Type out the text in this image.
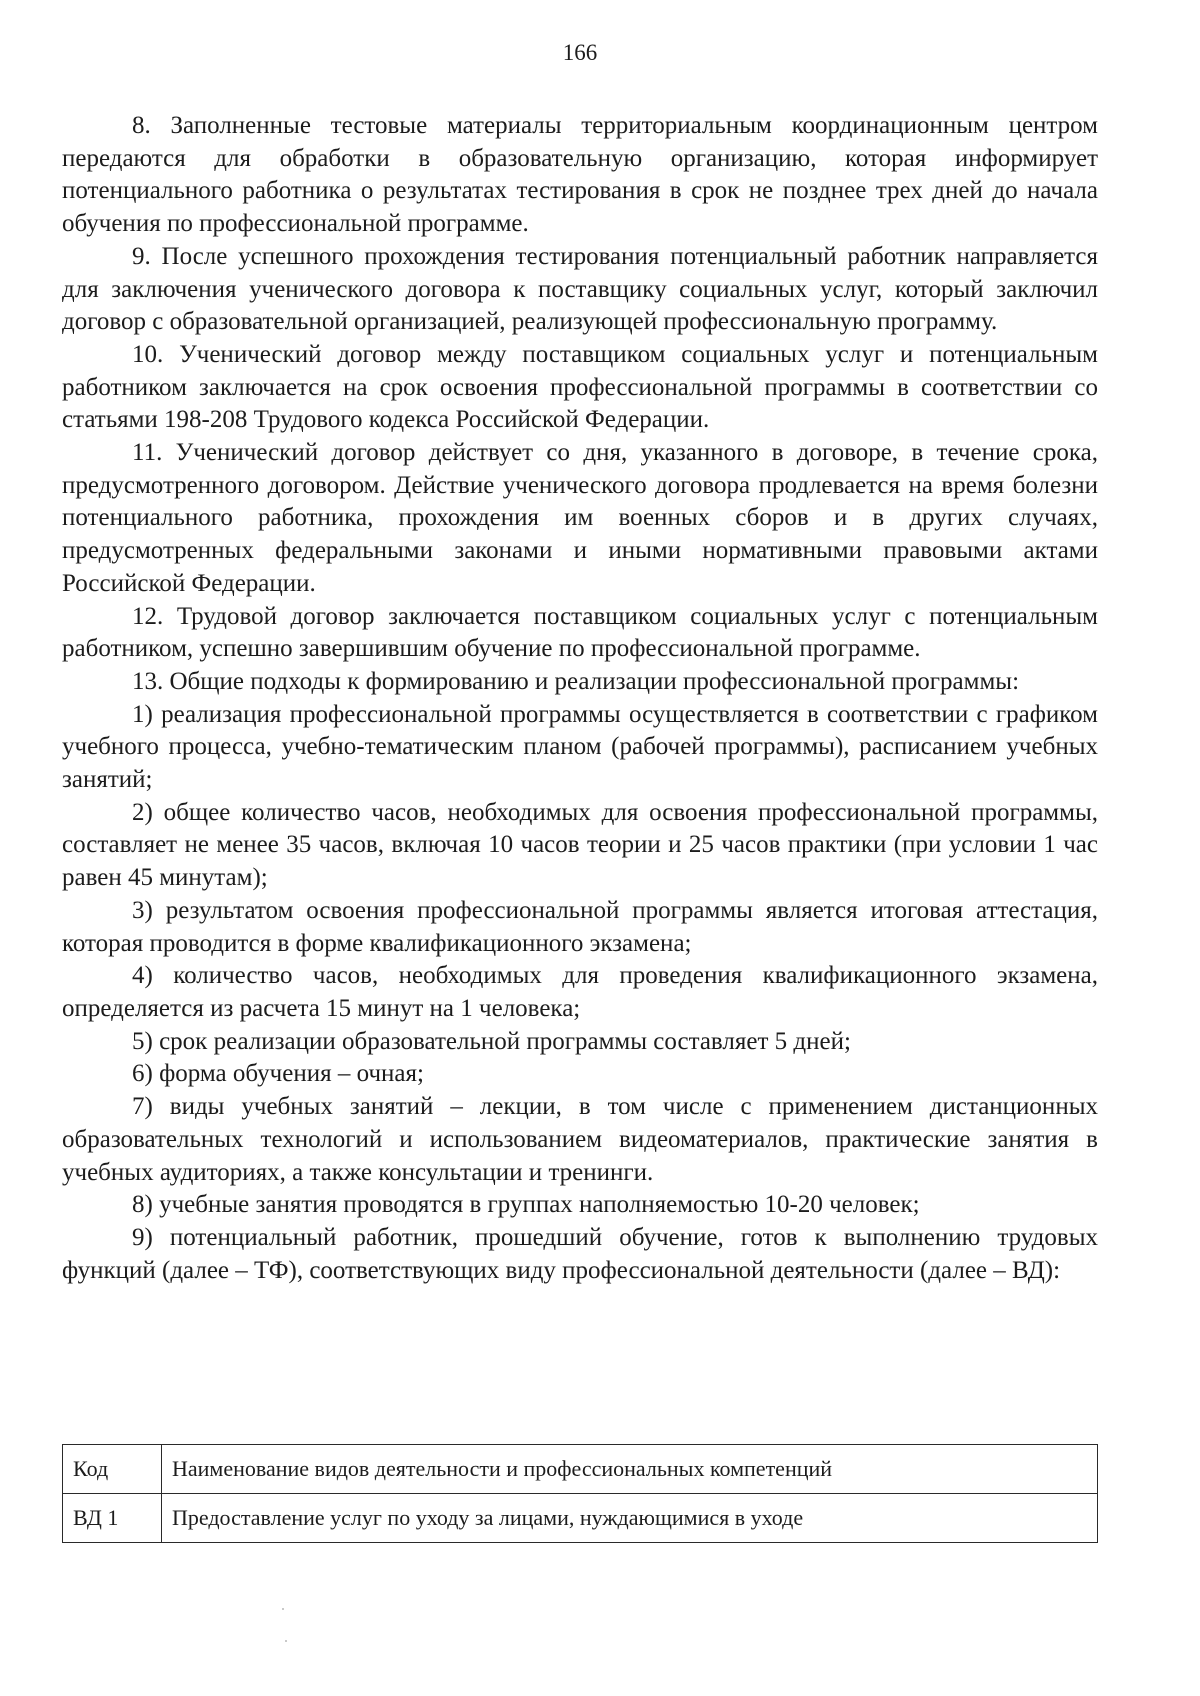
166

8. Заполненные тестовые материалы территориальным координационным центром передаются для обработки в образовательную организацию, которая информирует потенциального работника о результатах тестирования в срок не позднее трех дней до начала обучения по профессиональной программе.

9. После успешного прохождения тестирования потенциальный работник направляется для заключения ученического договора к поставщику социальных услуг, который заключил договор с образовательной организацией, реализующей профессиональную программу.

10. Ученический договор между поставщиком социальных услуг и потенциальным работником заключается на срок освоения профессиональной программы в соответствии со статьями 198-208 Трудового кодекса Российской Федерации.

11. Ученический договор действует со дня, указанного в договоре, в течение срока, предусмотренного договором. Действие ученического договора продлевается на время болезни потенциального работника, прохождения им военных сборов и в других случаях, предусмотренных федеральными законами и иными нормативными правовыми актами Российской Федерации.

12. Трудовой договор заключается поставщиком социальных услуг с потенциальным работником, успешно завершившим обучение по профессиональной программе.

13. Общие подходы к формированию и реализации профессиональной программы:

1) реализация профессиональной программы осуществляется в соответствии с графиком учебного процесса, учебно-тематическим планом (рабочей программы), расписанием учебных занятий;

2) общее количество часов, необходимых для освоения профессиональной программы, составляет не менее 35 часов, включая 10 часов теории и 25 часов практики (при условии 1 час равен 45 минутам);

3) результатом освоения профессиональной программы является итоговая аттестация, которая проводится в форме квалификационного экзамена;

4) количество часов, необходимых для проведения квалификационного экзамена, определяется из расчета 15 минут на 1 человека;

5) срок реализации образовательной программы составляет 5 дней;

6) форма обучения – очная;

7) виды учебных занятий – лекции, в том числе с применением дистанционных образовательных технологий и использованием видеоматериалов, практические занятия в учебных аудиториях, а также консультации и тренинги.

8) учебные занятия проводятся в группах наполняемостью 10-20 человек;

9) потенциальный работник, прошедший обучение, готов к выполнению трудовых функций (далее – ТФ), соответствующих виду профессиональной деятельности (далее – ВД):

Код	Наименование видов деятельности и профессиональных компетенций
ВД 1	Предоставление услуг по уходу за лицами, нуждающимися в уходе
